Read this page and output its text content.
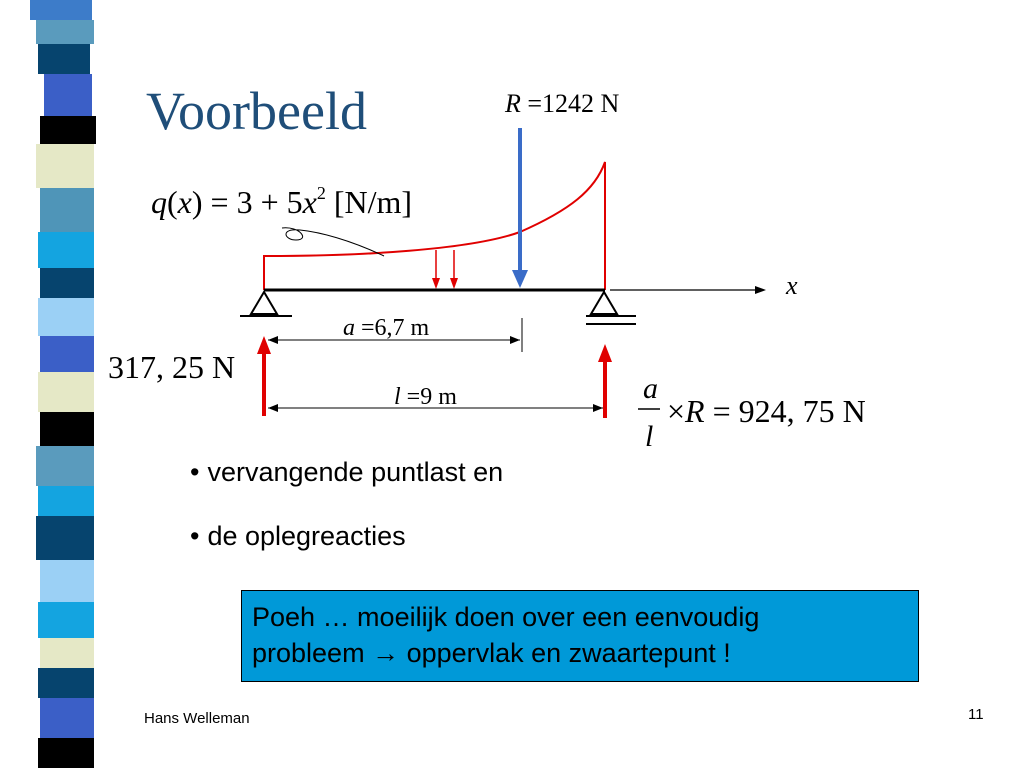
Voorbeeld	R =1242 N
x
a =6,7 m
l =9 m
$q(x) = 3 + 5x^2$ [N/m]
317, 25 N
a
l
×R = 924, 75 N
• vervangende puntlast en
• de oplegreacties
Poeh … moeilijk doen over een eenvoudig
probleem → oppervlak en zwaartepunt !
Hans Welleman	11
